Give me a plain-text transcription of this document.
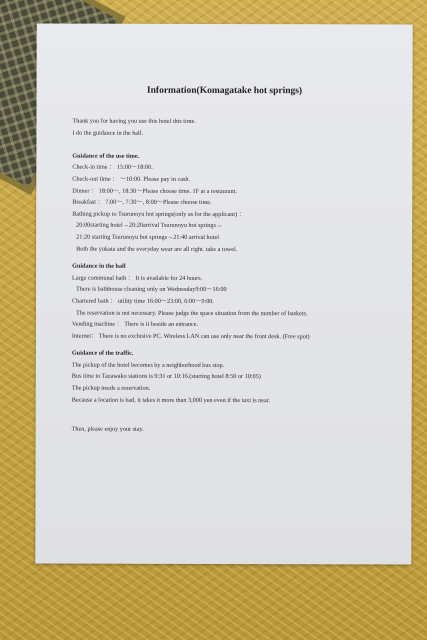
Information(Komagatake hot springs)
Thank you for having you use this hotel this time.
I do the guidance in the hall.
Guidance of the use time.
Check-in time ： 15:00～18:00.
Check-out time ： ～10:00. Please pay in cash.
Dinner ： 18:00～, 18:30～Please choose time. 1F at a restaurant.
Breakfast ： 7:00～, 7:30～, 8:00～Please choose time.
Bathing pickup to Tsurunoyu hot springs(only as for the applicant) ：
20:00starting hotel→20:20arrival Tsurunoyu hot springs→
21:20 starting Tsurunoyu hot springs→21:40 arrival hotel
Both the yukata and the everyday wear are all right. take a towel.
Guidance in the hall
Large communal bath ： It is available for 24 hours.
There is bathhouse cleaning only on Wednesday9:00～16:00
Chartered bath ： utility time 16:00～23:00, 6:00～9:00.
The reservation is not necessary. Please judge the space situation from the number of baskets.
Vending machine ： There is it beside an entrance.
Internet： There is no exclusive PC. Wireless LAN can use only near the front desk. (Free spot)
Guidance of the traffic.
The pickup of the hotel becomes by a neighborhood bus stop.
Bus time to Tazawako stations is 9:31 or 10:16.(starting hotel 8:50 or 10:05)
The pickup needs a reservation.
Because a location is bad, it takes it more than 3,000 yen even if the taxi is near.
Then, please enjoy your stay.
